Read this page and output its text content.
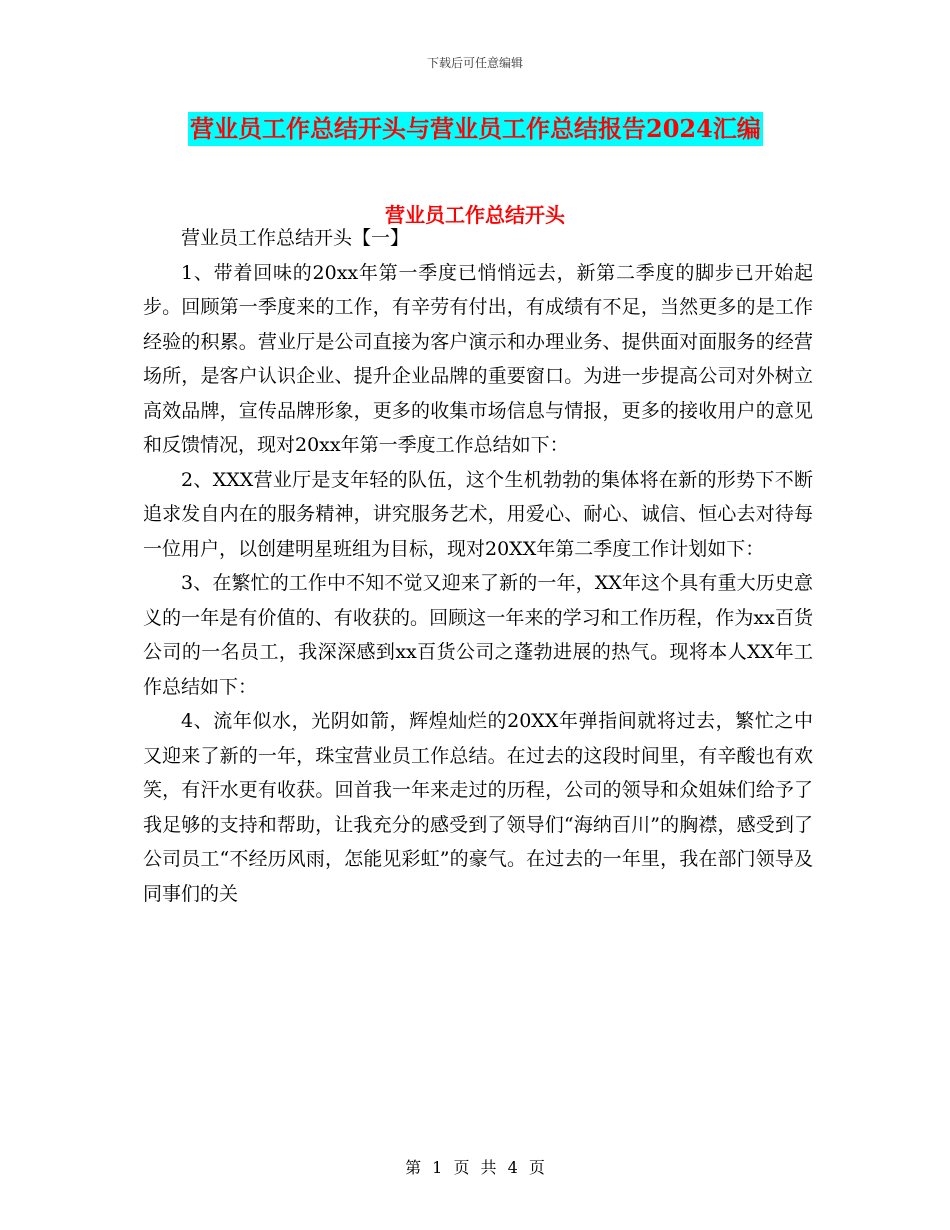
下载后可任意编辑
营业员工作总结开头与营业员工作总结报告2024汇编
营业员工作总结开头

营业员工作总结开头【一】

1、带着回味的20xx年第一季度已悄悄远去，新第二季度的脚步已开始起步。回顾第一季度来的工作，有辛劳有付出，有成绩有不足，当然更多的是工作经验的积累。营业厅是公司直接为客户演示和办理业务、提供面对面服务的经营场所，是客户认识企业、提升企业品牌的重要窗口。为进一步提高公司对外树立高效品牌，宣传品牌形象，更多的收集市场信息与情报，更多的接收用户的意见和反馈情况，现对20xx年第一季度工作总结如下：

2、XXX营业厅是支年轻的队伍，这个生机勃勃的集体将在新的形势下不断追求发自内在的服务精神，讲究服务艺术，用爱心、耐心、诚信、恒心去对待每一位用户，以创建明星班组为目标，现对20XX年第二季度工作计划如下：

3、在繁忙的工作中不知不觉又迎来了新的一年，XX年这个具有重大历史意义的一年是有价值的、有收获的。回顾这一年来的学习和工作历程，作为xx百货公司的一名员工，我深深感到xx百货公司之蓬勃进展的热气。现将本人XX年工作总结如下：

4、流年似水，光阴如箭，辉煌灿烂的20XX年弹指间就将过去，繁忙之中又迎来了新的一年，珠宝营业员工作总结。在过去的这段时间里，有辛酸也有欢笑，有汗水更有收获。回首我一年来走过的历程，公司的领导和众姐妹们给予了我足够的支持和帮助，让我充分的感受到了领导们“海纳百川”的胸襟，感受到了公司员工“不经历风雨，怎能见彩虹”的豪气。在过去的一年里，我在部门领导及同事们的关

第 1 页 共 4 页
